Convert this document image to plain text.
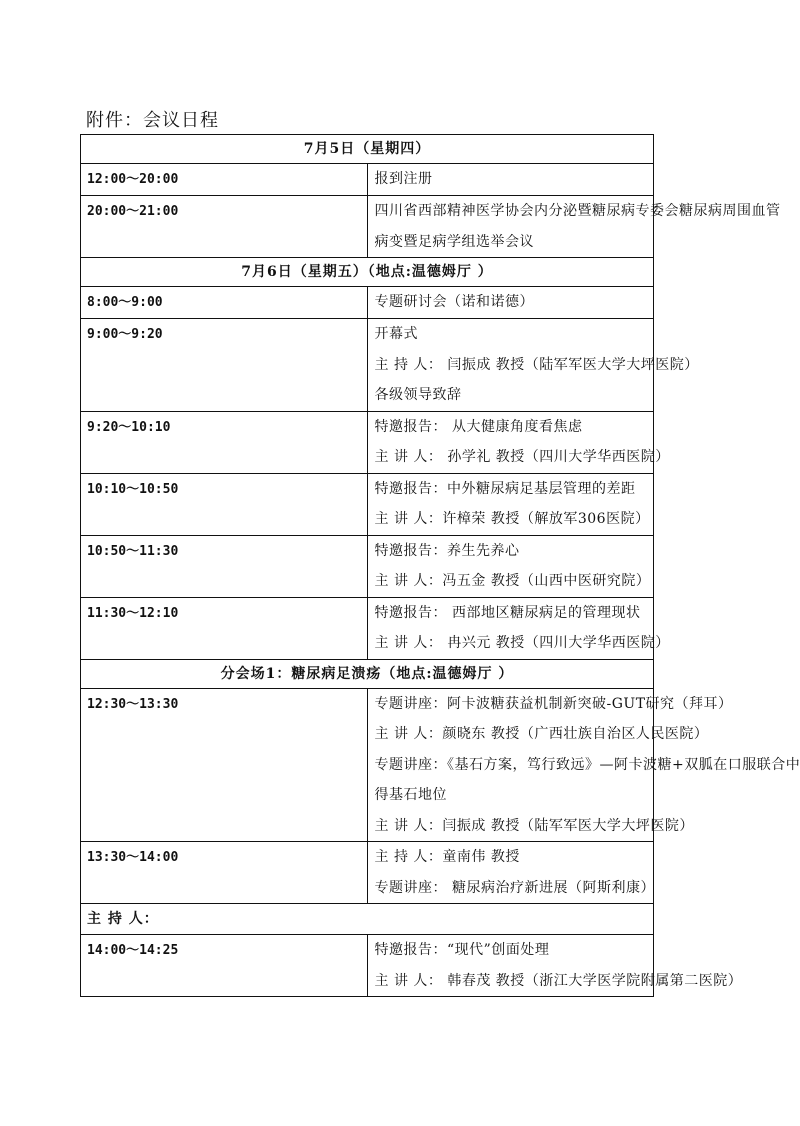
附件：会议日程
7月5日（星期四）	

12:00～20:00	报到注册

20:00～21:00	四川省西部精神医学协会内分泌暨糖尿病专委会糖尿病周围血管
病变暨足病学组选举会议

7月6日（星期五）（地点:温德姆厅 ）	

8:00～9:00	专题研讨会（诺和诺德）

9:00～9:20	开幕式
主 持 人： 闫振成 教授（陆军军医大学大坪医院）
各级领导致辞

9:20～10:10	特邀报告： 从大健康角度看焦虑
主 讲 人： 孙学礼 教授（四川大学华西医院）

10:10～10:50	特邀报告：中外糖尿病足基层管理的差距
主 讲 人：许樟荣 教授（解放军306医院）

10:50～11:30	特邀报告：养生先养心
主 讲 人：冯五金 教授（山西中医研究院）

11:30～12:10	特邀报告： 西部地区糖尿病足的管理现状
主 讲 人： 冉兴元 教授（四川大学华西医院）

分会场1：糖尿病足溃疡（地点:温德姆厅 ）	

12:30～13:30	专题讲座：阿卡波糖获益机制新突破-GUT研究（拜耳）
主 讲 人：颜晓东 教授（广西壮族自治区人民医院）
专题讲座：《基石方案，笃行致远》—阿卡波糖+双胍在口服联合中
得基石地位
主 讲 人：闫振成 教授（陆军军医大学大坪医院）

13:30～14:00	主 持 人：童南伟 教授
专题讲座： 糖尿病治疗新进展（阿斯利康）

主 持 人：	

14:00～14:25	特邀报告：“现代”创面处理
主 讲 人： 韩春茂 教授（浙江大学医学院附属第二医院）
